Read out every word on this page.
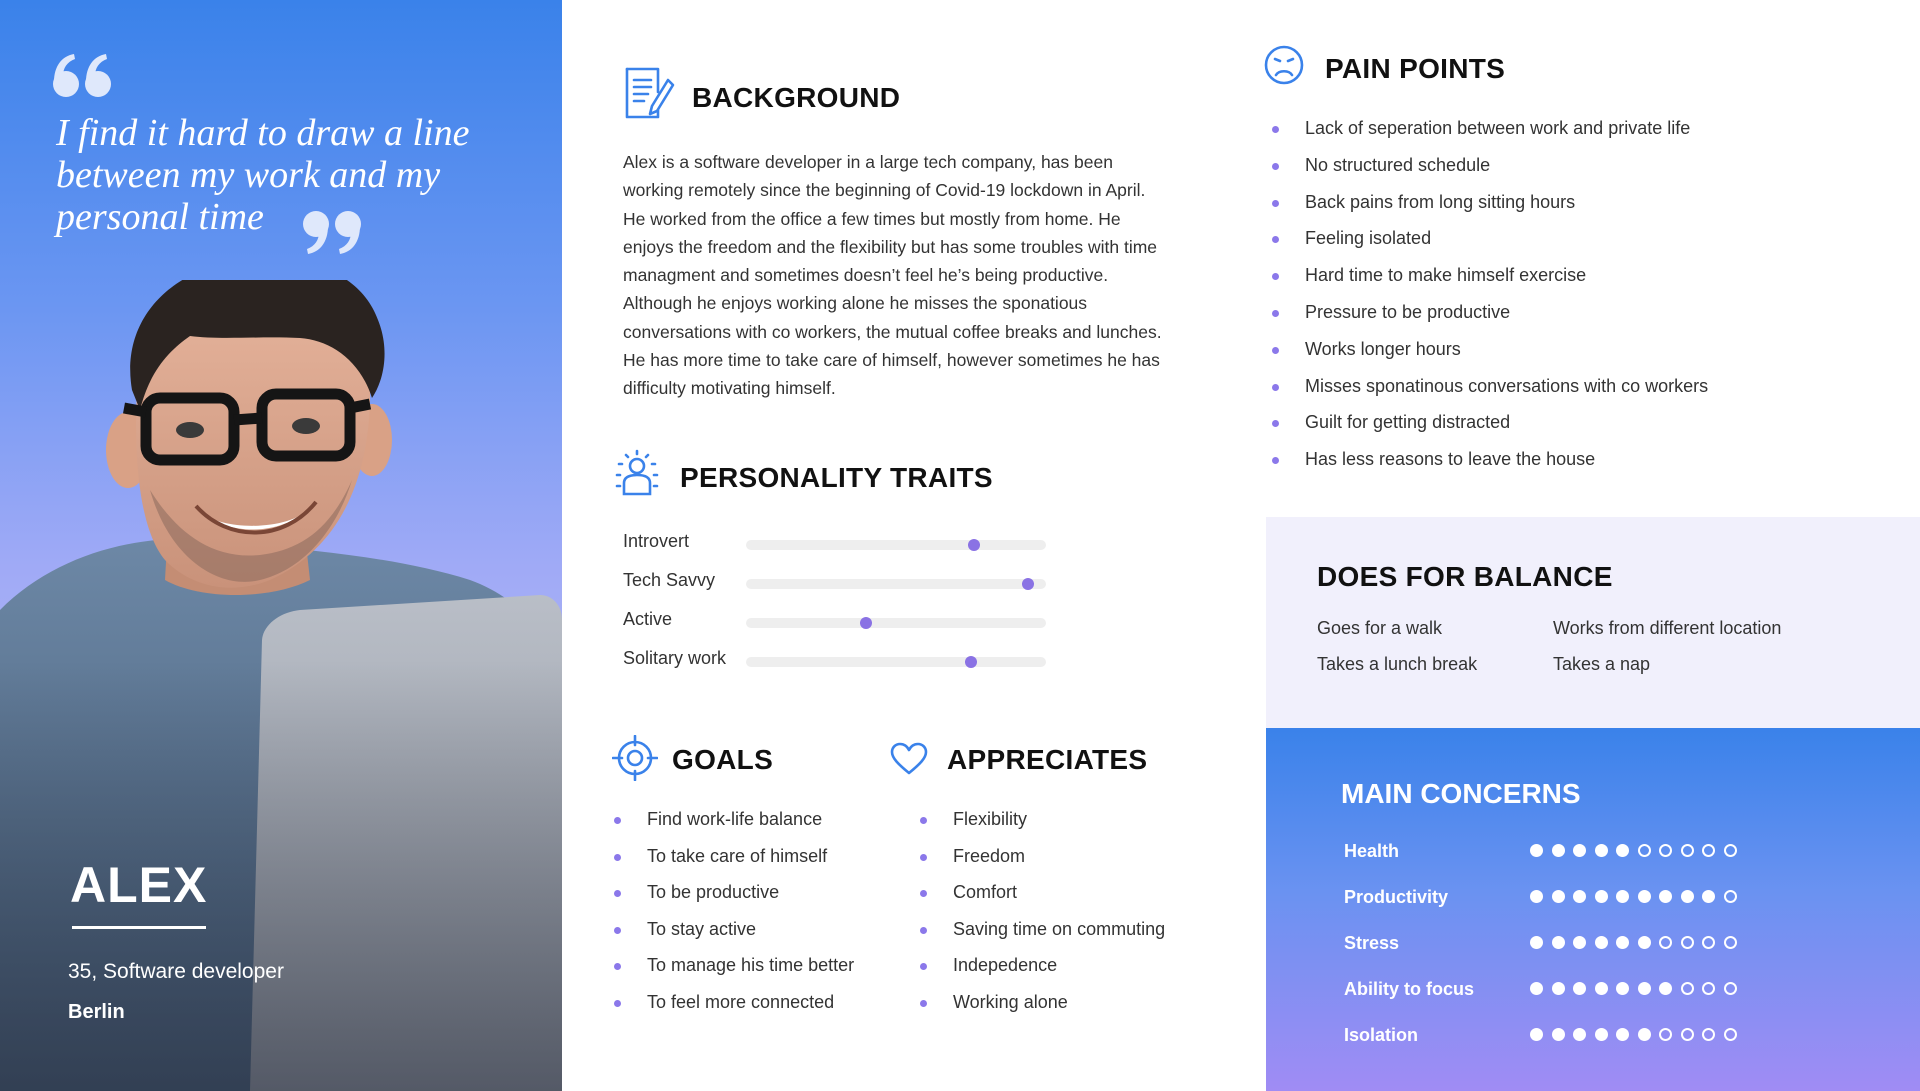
I find it hard to draw a line between my work and my personal time
ALEX
35, Software developer
Berlin
BACKGROUND
Alex is a software developer in a large tech company, has been working remotely since the beginning of Covid-19 lockdown in April. He worked from the office a few times but mostly from home. He enjoys the freedom and the flexibility but has some troubles with time managment and sometimes doesn’t feel he’s being productive. Although he enjoys working alone he misses the sponatious conversations with co workers, the mutual coffee breaks and lunches. He has more time to take care of himself, however sometimes he has difficulty motivating himself.
PERSONALITY TRAITS
Introvert
Tech Savvy
Active
Solitary work
GOALS
Find work-life balance
To take care of himself
To be productive
To stay active
To manage his time better
To feel more connected
APPRECIATES
Flexibility
Freedom
Comfort
Saving time on commuting
Indepedence
Working alone
PAIN POINTS
Lack of seperation between work and private life
No structured schedule
Back pains from long sitting hours
Feeling isolated
Hard time to make himself exercise
Pressure to be productive
Works longer hours
Misses sponatinous conversations with co workers
Guilt for getting distracted
Has less reasons to leave the house
DOES FOR BALANCE
Goes for a walk
Takes a lunch break
Works from different location
Takes a nap
MAIN CONCERNS
Health
Productivity
Stress
Ability to focus
Isolation
